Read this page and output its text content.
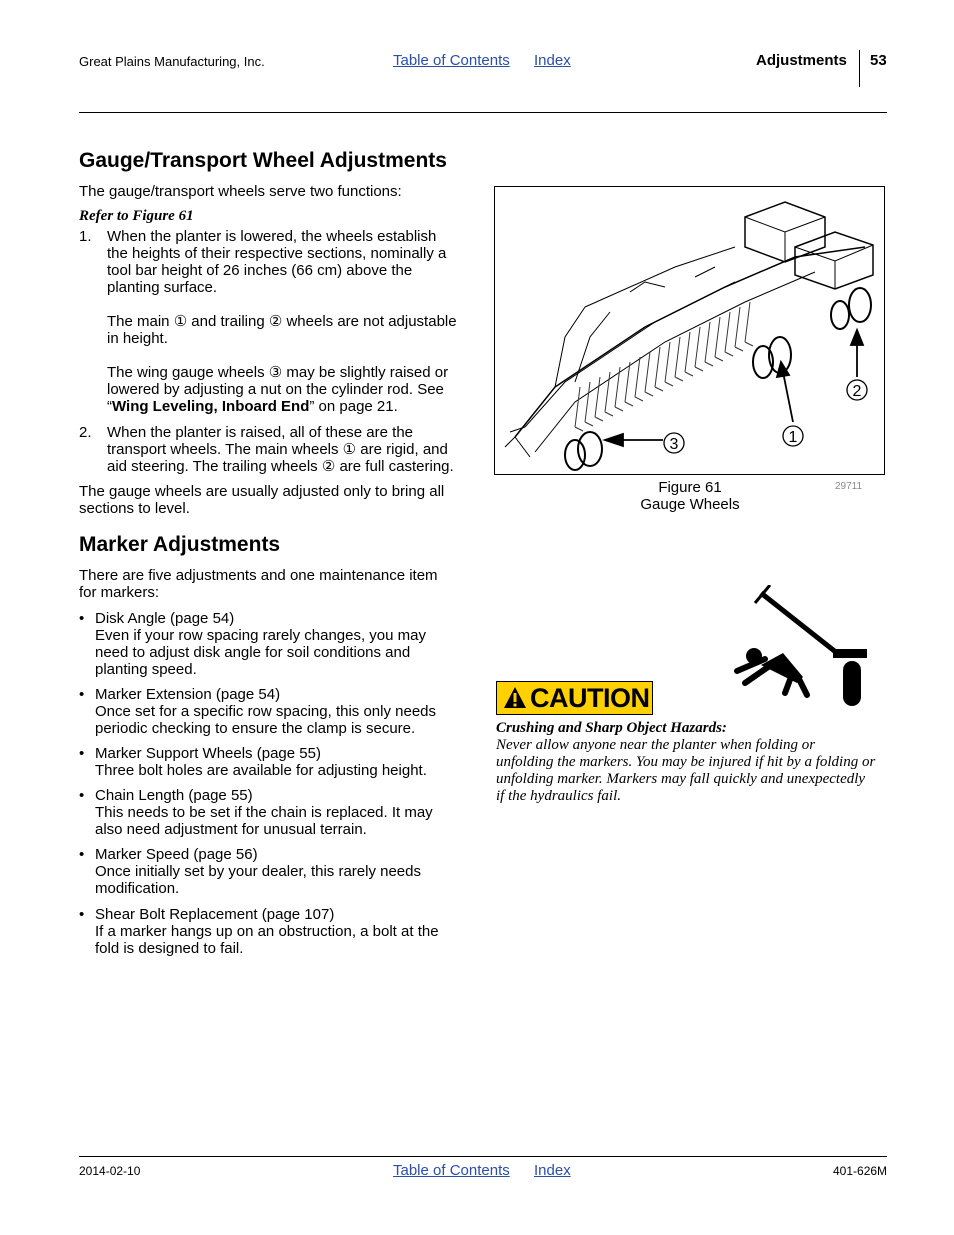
Great Plains Manufacturing, Inc.	Table of Contents Index	Adjustments 53
Gauge/Transport Wheel Adjustments
The gauge/transport wheels serve two functions:
Refer to Figure 61
1. When the planter is lowered, the wheels establish
the heights of their respective sections, nominally a
tool bar height of 26 inches (66 cm) above the
planting surface.
The main ① and trailing ② wheels are not adjustable
in height.
The wing gauge wheels ③ may be slightly raised or
lowered by adjusting a nut on the cylinder rod. See
“Wing Leveling, Inboard End” on page 21.
2. When the planter is raised, all of these are the
transport wheels. The main wheels ① are rigid, and
aid steering. The trailing wheels ② are full castering.
The gauge wheels are usually adjusted only to bring all
sections to level.
2
1
3
Figure 61
Gauge Wheels
29711
Marker Adjustments
There are five adjustments and one maintenance item
for markers:
• Disk Angle (page 54)
Even if your row spacing rarely changes, you may
need to adjust disk angle for soil conditions and
planting speed.
• Marker Extension (page 54)
Once set for a specific row spacing, this only needs
periodic checking to ensure the clamp is secure.
• Marker Support Wheels (page 55)
Three bolt holes are available for adjusting height.
• Chain Length (page 55)
This needs to be set if the chain is replaced. It may
also need adjustment for unusual terrain.
• Marker Speed (page 56)
Once initially set by your dealer, this rarely needs
modification.
• Shear Bolt Replacement (page 107)
If a marker hangs up on an obstruction, a bolt at the
fold is designed to fail.
CAUTION
Crushing and Sharp Object Hazards:
Never allow anyone near the planter when folding or
unfolding the markers. You may be injured if hit by a folding or
unfolding marker. Markers may fall quickly and unexpectedly
if the hydraulics fail.
2014-02-10	Table of Contents Index	401-626M
